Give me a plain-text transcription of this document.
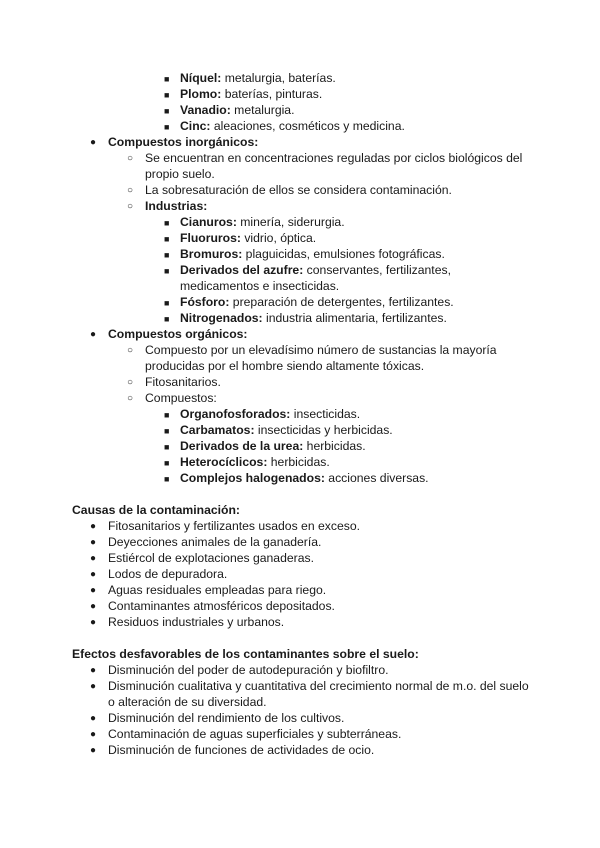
■ Níquel: metalurgia, baterías.
■ Plomo: baterías, pinturas.
■ Vanadio: metalurgia.
■ Cinc: aleaciones, cosméticos y medicina.
● Compuestos inorgánicos:
○ Se encuentran en concentraciones reguladas por ciclos biológicos del
propio suelo.
○ La sobresaturación de ellos se considera contaminación.
○ Industrias:
■ Cianuros: minería, siderurgia.
■ Fluoruros: vidrio, óptica.
■ Bromuros: plaguicidas, emulsiones fotográficas.
■ Derivados del azufre: conservantes, fertilizantes,
medicamentos e insecticidas.
■ Fósforo: preparación de detergentes, fertilizantes.
■ Nitrogenados: industria alimentaria, fertilizantes.
● Compuestos orgánicos:
○ Compuesto por un elevadísimo número de sustancias la mayoría
producidas por el hombre siendo altamente tóxicas.
○ Fitosanitarios.
○ Compuestos:
■ Organofosforados: insecticidas.
■ Carbamatos: insecticidas y herbicidas.
■ Derivados de la urea: herbicidas.
■ Heterocíclicos: herbicidas.
■ Complejos halogenados: acciones diversas.
Causas de la contaminación:
● Fitosanitarios y fertilizantes usados en exceso.
● Deyecciones animales de la ganadería.
● Estiércol de explotaciones ganaderas.
● Lodos de depuradora.
● Aguas residuales empleadas para riego.
● Contaminantes atmosféricos depositados.
● Residuos industriales y urbanos.
Efectos desfavorables de los contaminantes sobre el suelo:
● Disminución del poder de autodepuración y biofiltro.
● Disminución cualitativa y cuantitativa del crecimiento normal de m.o. del suelo
o alteración de su diversidad.
● Disminución del rendimiento de los cultivos.
● Contaminación de aguas superficiales y subterráneas.
● Disminución de funciones de actividades de ocio.
